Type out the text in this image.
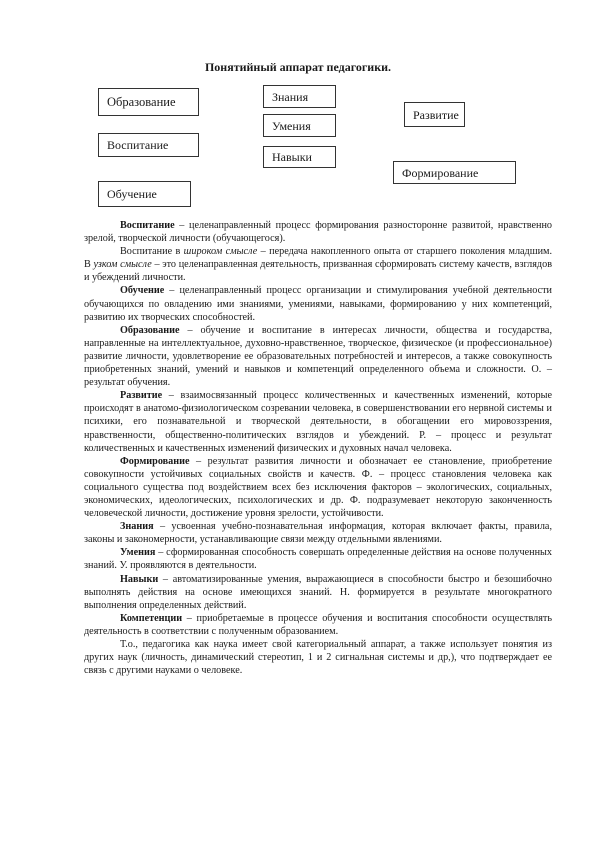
Понятийный аппарат педагогики.
Образование
Воспитание
Обучение
Знания
Умения
Навыки
Развитие
Формирование

Воспитание – целенаправленный процесс формирования разносторонне развитой, нравственно зрелой, творческой личности (обучающегося).

Воспитание в широком смысле – передача накопленного опыта от старшего поколения младшим. В узком смысле – это целенаправленная деятельность, призванная сформировать систему качеств, взглядов и убеждений личности.

Обучение – целенаправленный процесс организации и стимулирования учебной деятельности обучающихся по овладению ими знаниями, умениями, навыками, формированию у них компетенций, развитию их творческих способностей.

Образование – обучение и воспитание в интересах личности, общества и государства, направленные на интеллектуальное, духовно-нравственное, творческое, физическое (и профессиональное) развитие личности, удовлетворение ее образовательных потребностей и интересов, а также совокупность приобретенных знаний, умений и навыков и компетенций определенного объема и сложности. О. – результат обучения.

Развитие – взаимосвязанный процесс количественных и качественных изменений, которые происходят в анатомо-физиологическом созревании человека, в совершенствовании его нервной системы и психики, его познавательной и творческой деятельности, в обогащении его мировоззрения, нравственности, общественно-политических взглядов и убеждений. Р. – процесс и результат количественных и качественных изменений физических и духовных начал человека.

Формирование – результат развития личности и обозначает ее становление, приобретение совокупности устойчивых социальных свойств и качеств. Ф. – процесс становления человека как социального существа под воздействием всех без исключения факторов – экологических, социальных, экономических, идеологических, психологических и др. Ф. подразумевает некоторую законченность человеческой личности, достижение уровня зрелости, устойчивости.

Знания – усвоенная учебно-познавательная информация, которая включает факты, правила, законы и закономерности, устанавливающие связи между отдельными явлениями.

Умения – сформированная способность совершать определенные действия на основе полученных знаний. У. проявляются в деятельности.

Навыки – автоматизированные умения, выражающиеся в способности быстро и безошибочно выполнять действия на основе имеющихся знаний. Н. формируется в результате многократного выполнения определенных действий.

Компетенции – приобретаемые в процессе обучения и воспитания способности осуществлять деятельность в соответствии с полученным образованием.

Т.о., педагогика как наука имеет свой категориальный аппарат, а также использует понятия из других наук (личность, динамический стереотип, 1 и 2 сигнальная системы и др,), что подтверждает ее связь с другими науками о человеке.
